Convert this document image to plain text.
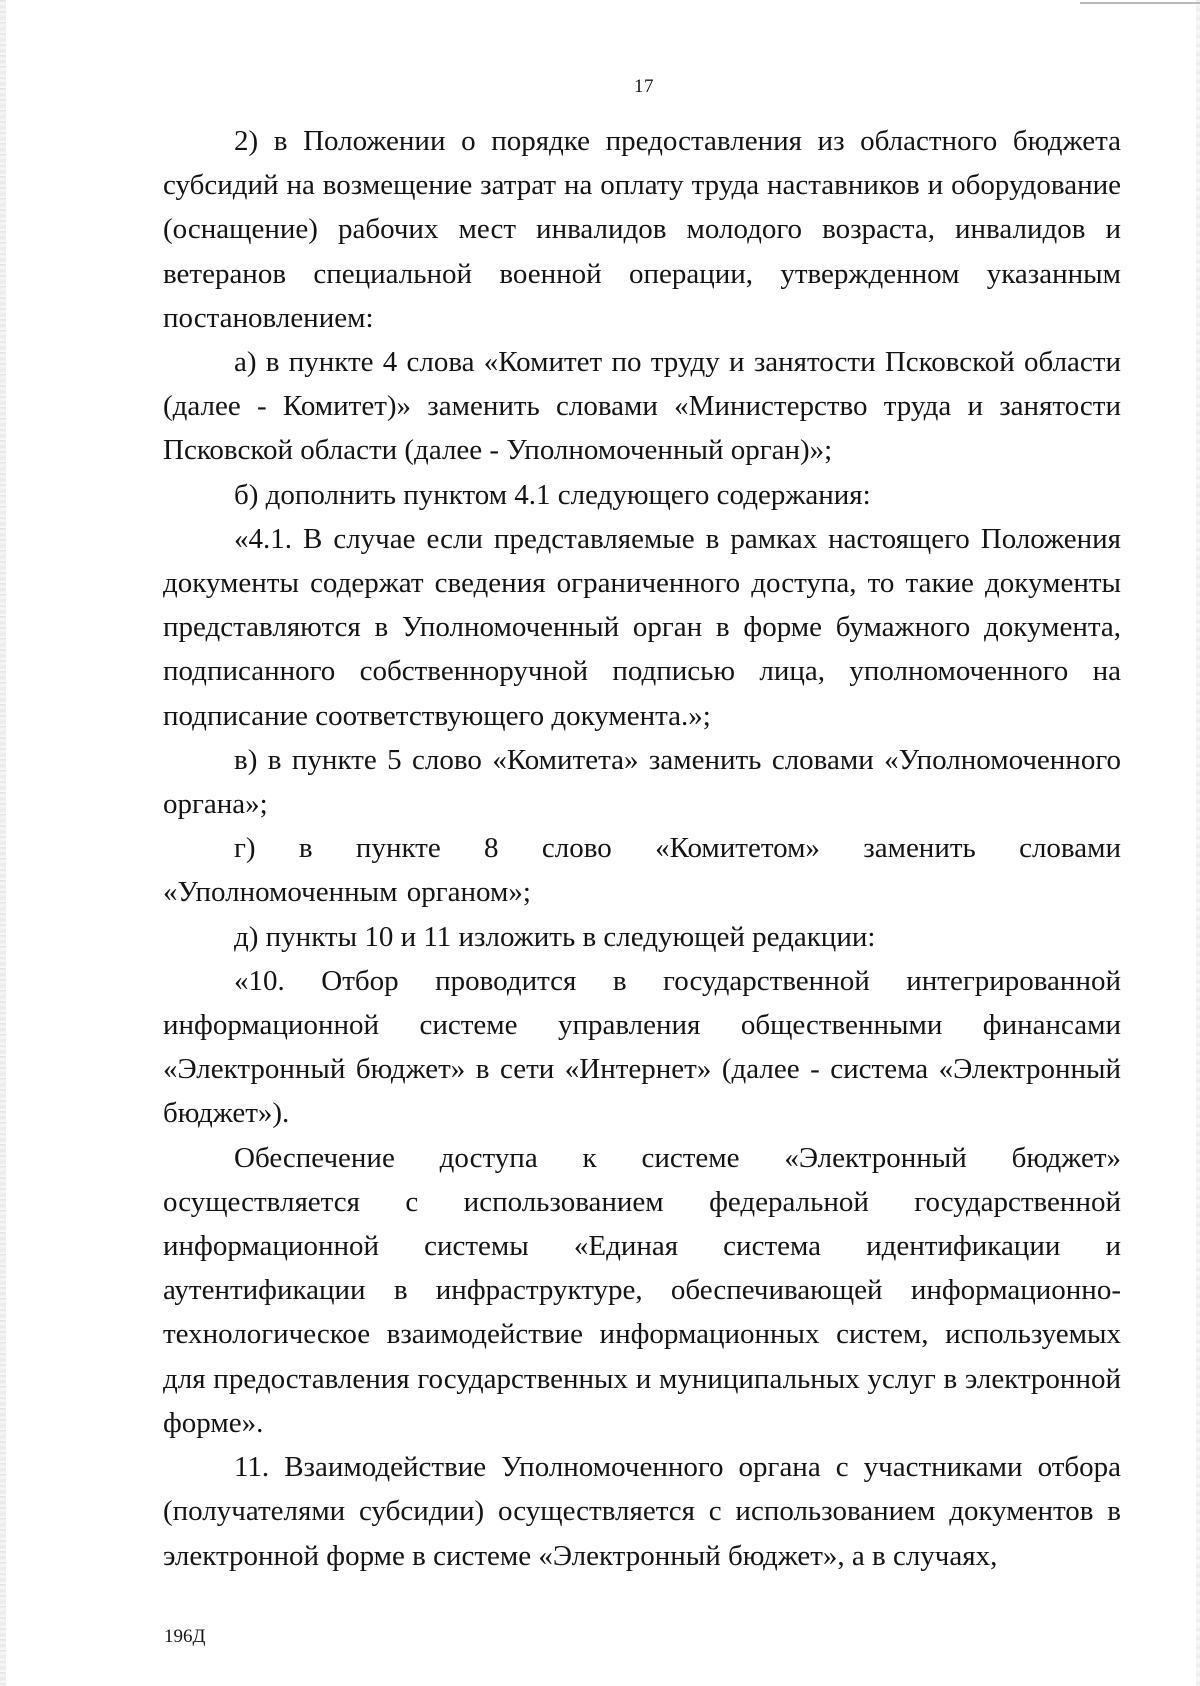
17

2) в Положении о порядке предоставления из областного бюджета субсидий на возмещение затрат на оплату труда наставников и оборудование (оснащение) рабочих мест инвалидов молодого возраста, инвалидов и ветеранов специальной военной операции, утвержденном указанным постановлением:

а) в пункте 4 слова «Комитет по труду и занятости Псковской области (далее - Комитет)» заменить словами «Министерство труда и занятости Псковской области (далее - Уполномоченный орган)»;

б) дополнить пунктом 4.1 следующего содержания:

«4.1. В случае если представляемые в рамках настоящего Положения документы содержат сведения ограниченного доступа, то такие документы представляются в Уполномоченный орган в форме бумажного документа, подписанного собственноручной подписью лица, уполномоченного на подписание соответствующего документа.»;

в) в пункте 5 слово «Комитета» заменить словами «Уполномоченного органа»;

г) в пункте 8 слово «Комитетом» заменить словами «Уполномоченным органом»;

д) пункты 10 и 11 изложить в следующей редакции:

«10. Отбор проводится в государственной интегрированной информационной системе управления общественными финансами «Электронный бюджет» в сети «Интернет» (далее - система «Электронный бюджет»).

Обеспечение доступа к системе «Электронный бюджет» осуществляется с использованием федеральной государственной информационной системы «Единая система идентификации и аутентификации в инфраструктуре, обеспечивающей информационно-технологическое взаимодействие информационных систем, используемых для предоставления государственных и муниципальных услуг в электронной форме».

11. Взаимодействие Уполномоченного органа с участниками отбора (получателями субсидии) осуществляется с использованием документов в электронной форме в системе «Электронный бюджет», а в случаях,

196Д
